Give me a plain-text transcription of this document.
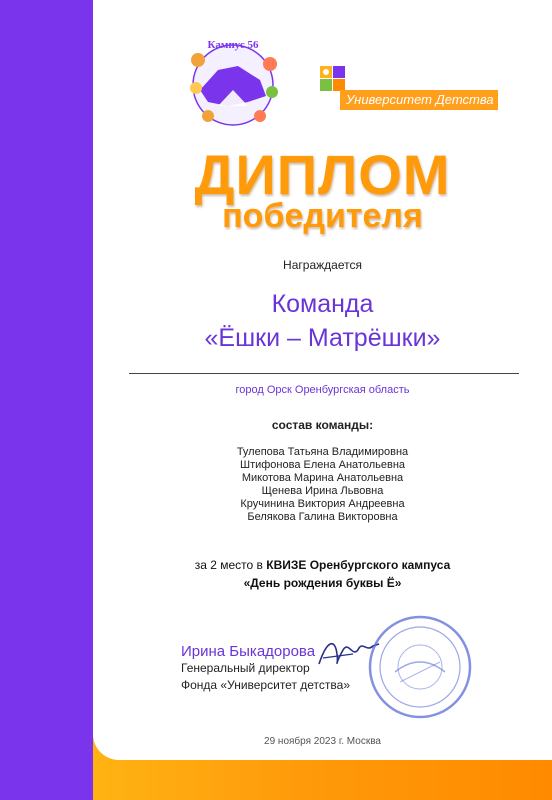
Кампус 56
Университет Детства
ДИПЛОМ
победителя
Награждается
Команда
«Ёшки – Матрёшки»
город Орск Оренбургская область
состав команды:
Тулепова Татьяна Владимировна
Штифонова Елена Анатольевна
Микотова Марина Анатольевна
Щенева Ирина Львовна
Кручинина Виктория Андреевна
Белякова Галина Викторовна
за 2 место в КВИЗЕ Оренбургского кампуса
«День рождения буквы Ё»
Ирина Быкадорова
Генеральный директор
Фонда «Университет детства»
29 ноября 2023 г. Москва
